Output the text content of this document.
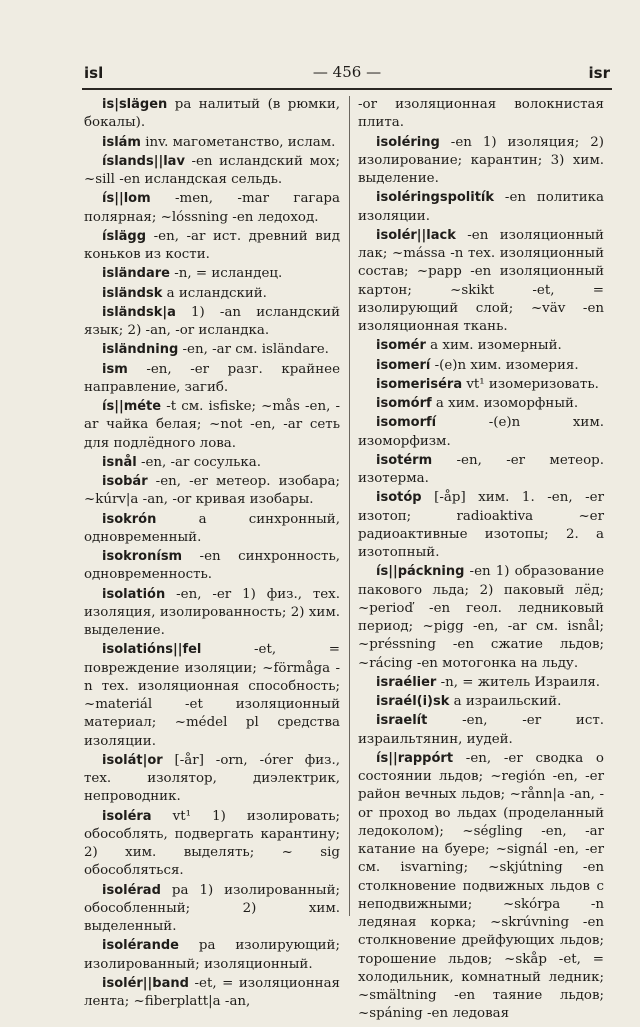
isl	— 456 —	isr
is|slägen pa налитый (в рюмки, бокалы).
islám inv. магометанство, ислам.
íslands||lav -en исландский мох; ~sill -en исландская сельдь.
ís||lom -men, -mar гагара полярная; ~lóssning -en ледоход.
íslägg -en, -ar ист. древний вид коньков из кости.
isländare -n, = исландец.
isländsk a исландский.
isländsk|a 1) -an исландский язык; 2) -an, -or исландка.
isländning -en, -ar см. isländare.
ism -en, -er разг. крайнее направление, загиб.
ís||méte -t см. isfiske; ~mås -en, -ar чайка белая; ~not -en, -ar сеть для подлёдного лова.
isnål -en, -ar сосулька.
isobár -en, -er метеор. изобара; ~kúrv|a -an, -or кривая изобары.
isokrón a синхронный, одновременный.
isokronísm -en синхронность, одновременность.
isolatión -en, -er 1) физ., тех. изоляция, изолированность; 2) хим. выделение.
isolatións||fel -et, = повреждение изоляции; ~förmåga -n тех. изоляционная способность; ~materiál -et изоляционный материал; ~médel pl средства изоляции.
isolát|or [-år] -orn, -órer физ., тех. изолятор, диэлектрик, непроводник.
isoléra vt¹ 1) изолировать; обособлять, подвергать карантину; 2) хим. выделять; ~ sig обособляться.
isolérad pa 1) изолированный; обособленный; 2) хим. выделенный.
isolérande pa изолирующий; изолированный; изоляционный.
isolér||band -et, = изоляционная лента; ~fiberplatt|a -an,
-or изоляционная волокнистая плита.
isoléring -en 1) изоляция; 2) изолирование; карантин; 3) хим. выделение.
isoléringspolitík -en политика изоляции.
isolér||lack -en изоляционный лак; ~mássa -n тех. изоляционный состав; ~papp -en изоляционный картон; ~skikt -et, = изолирующий слой; ~väv -en изоляционная ткань.
isomér a хим. изомерный.
isomerí -(e)n хим. изомерия.
isomeriséra vt¹ изомеризовать.
isomórf a хим. изоморфный.
isomorfí -(e)n хим. изоморфизм.
isotérm -en, -er метеор. изотерма.
isotóp [-åp] хим. 1. -en, -er изотоп; radioaktiva ~er радиоактивные изотопы; 2. a изотопный.
ís||páckning -en 1) образование пакового льда; 2) паковый лёд; ~perioď -en геол. ледниковый период; ~pigg -en, -ar см. isnål; ~préssning -en сжатие льдов; ~rácing -en мотогонка на льду.
israélier -n, = житель Израиля.
israél(i)sk a израильский.
israelít -en, -er ист. израильтянин, иудей.
ís||rappórt -en, -er сводка о состоянии льдов; ~región -en, -er район вечных льдов; ~rånn|a -an, -or проход во льдах (проделанный ледоколом); ~ségling -en, -ar катание на буере; ~signál -en, -er см. isvarning; ~skjútning -en столкновение подвижных льдов с неподвижными; ~skórpa -n ледяная корка; ~skrúvning -en столкновение дрейфующих льдов; торошение льдов; ~skåp -et, = холодильник, комнатный ледник; ~smältning -en таяние льдов; ~spáning -en ледовая
